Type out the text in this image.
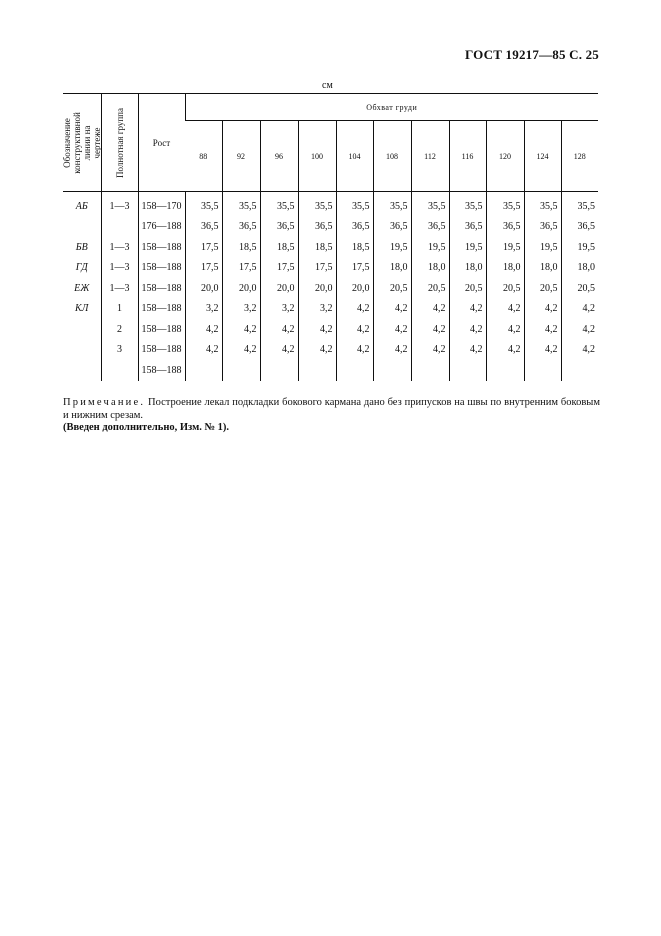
ГОСТ 19217—85 С. 25
см
Обозначение
конструктивной
линии на чертеже	Полнотная группа	Рост	Обхват груди										
			88	92	96	100	104	108	112	116	120	124	128
АБ	1—3	158—170	35,5	35,5	35,5	35,5	35,5	35,5	35,5	35,5	35,5	35,5	35,5
		176—188	36,5	36,5	36,5	36,5	36,5	36,5	36,5	36,5	36,5	36,5	36,5
БВ	1—3	158—188	17,5	18,5	18,5	18,5	18,5	19,5	19,5	19,5	19,5	19,5	19,5
ГД	1—3	158—188	17,5	17,5	17,5	17,5	17,5	18,0	18,0	18,0	18,0	18,0	18,0
ЕЖ	1—3	158—188	20,0	20,0	20,0	20,0	20,0	20,5	20,5	20,5	20,5	20,5	20,5
КЛ	1	158—188	3,2	3,2	3,2	3,2	4,2	4,2	4,2	4,2	4,2	4,2	4,2
	2	158—188	4,2	4,2	4,2	4,2	4,2	4,2	4,2	4,2	4,2	4,2	4,2
	3	158—188	4,2	4,2	4,2	4,2	4,2	4,2	4,2	4,2	4,2	4,2	4,2
		158—188											
Примечание. Построение лекал подкладки бокового кармана дано без припусков на швы по внутренним боковым и нижним срезам.
(Введен дополнительно, Изм. № 1).
